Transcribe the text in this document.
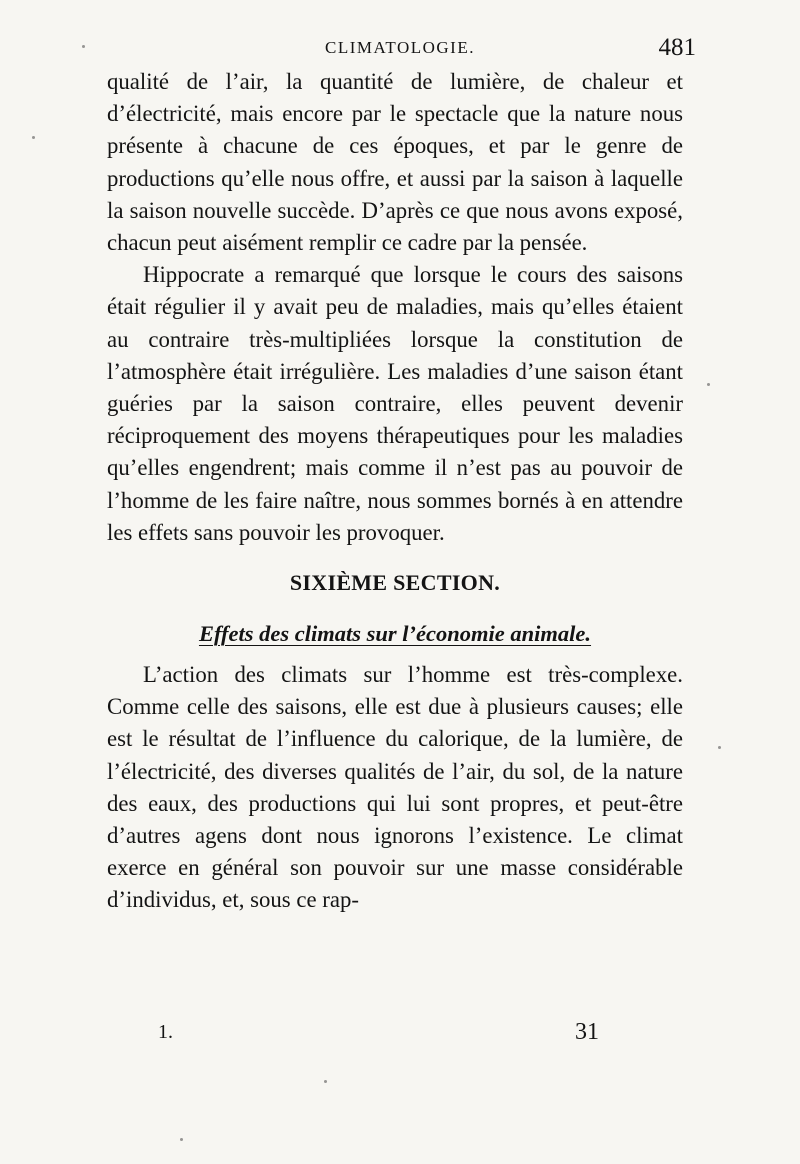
CLIMATOLOGIE.	481

qualité de l’air, la quantité de lumière, de chaleur et d’électricité, mais encore par le spectacle que la nature nous présente à chacune de ces époques, et par le genre de productions qu’elle nous offre, et aussi par la saison à laquelle la saison nouvelle succède. D’après ce que nous avons exposé, chacun peut aisément remplir ce cadre par la pensée.

Hippocrate a remarqué que lorsque le cours des saisons était régulier il y avait peu de maladies, mais qu’elles étaient au contraire très-multipliées lorsque la constitution de l’atmosphère était irrégulière. Les maladies d’une saison étant guéries par la saison contraire, elles peuvent devenir réciproquement des moyens thérapeutiques pour les maladies qu’elles engendrent; mais comme il n’est pas au pouvoir de l’homme de les faire naître, nous sommes bornés à en attendre les effets sans pouvoir les provoquer.

SIXIÈME SECTION.
Effets des climats sur l’économie animale.

L’action des climats sur l’homme est très-complexe. Comme celle des saisons, elle est due à plusieurs causes; elle est le résultat de l’influence du calorique, de la lumière, de l’électricité, des diverses qualités de l’air, du sol, de la nature des eaux, des productions qui lui sont propres, et peut-être d’autres agens dont nous ignorons l’existence. Le climat exerce en général son pouvoir sur une masse considérable d’individus, et, sous ce rap-

1.	31
